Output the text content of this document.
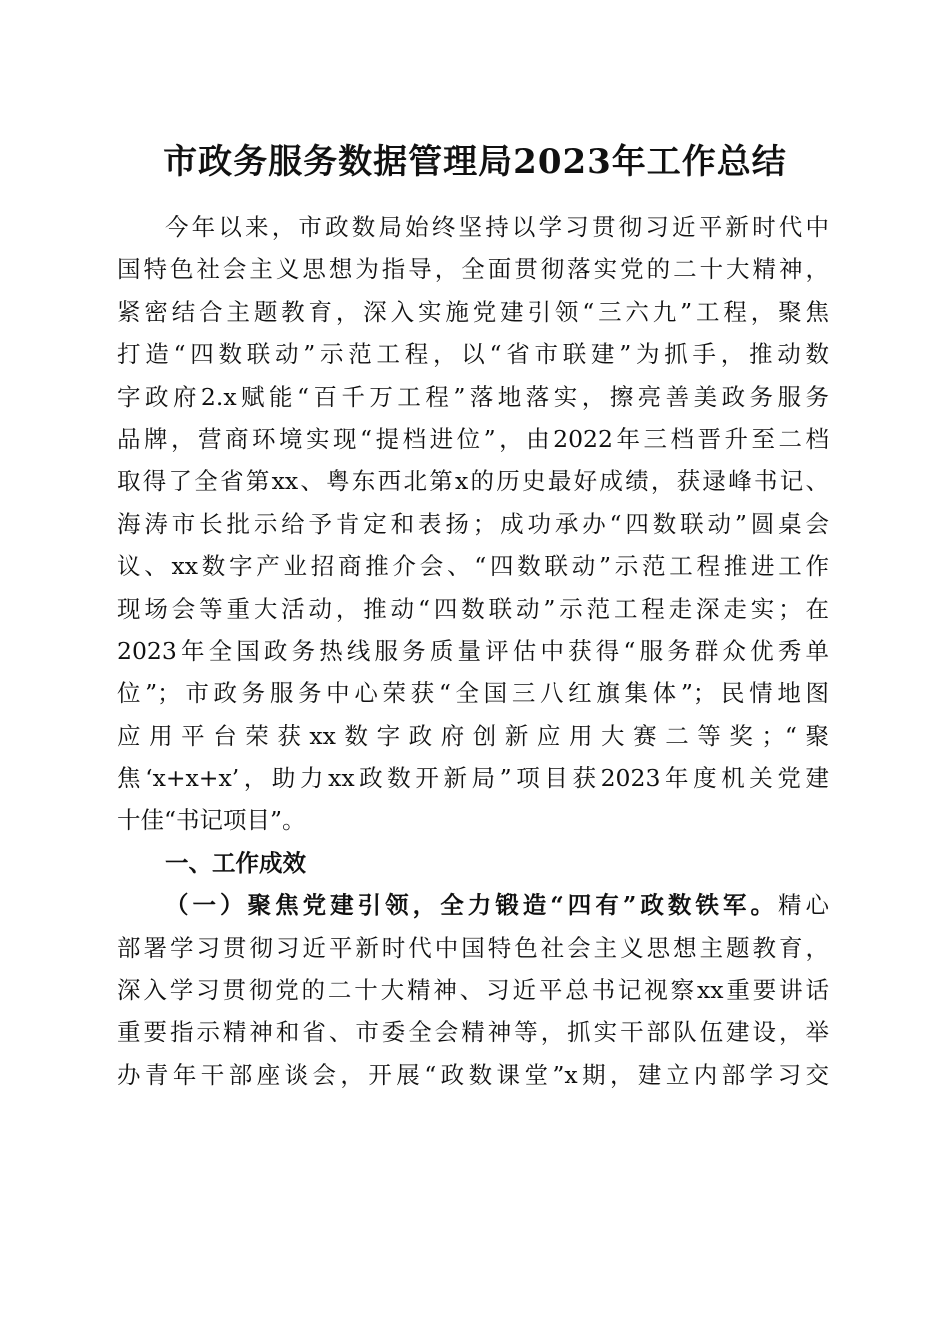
市政务服务数据管理局2023年工作总结
今年以来，市政数局始终坚持以学习贯彻习近平新时代中
国特色社会主义思想为指导，全面贯彻落实党的二十大精神，
紧密结合主题教育，深入实施党建引领“三六九”工程，聚焦
打造“四数联动”示范工程，以“省市联建”为抓手，推动数
字政府2.x赋能“百千万工程”落地落实，擦亮善美政务服务
品牌，营商环境实现“提档进位”，由2022年三档晋升至二档
取得了全省第xx、粤东西北第x的历史最好成绩，获逯峰书记、
海涛市长批示给予肯定和表扬；成功承办“四数联动”圆桌会
议、xx数字产业招商推介会、“四数联动”示范工程推进工作
现场会等重大活动，推动“四数联动”示范工程走深走实；在
2023年全国政务热线服务质量评估中获得“服务群众优秀单
位”；市政务服务中心荣获“全国三八红旗集体”；民情地图
应用平台荣获xx数字政府创新应用大赛二等奖；“聚
焦‘x+x+x’，助力xx政数开新局”项目获2023年度机关党建
十佳“书记项目”。
一、工作成效
（一）聚焦党建引领，全力锻造“四有”政数铁军。精心
部署学习贯彻习近平新时代中国特色社会主义思想主题教育，
深入学习贯彻党的二十大精神、习近平总书记视察xx重要讲话
重要指示精神和省、市委全会精神等，抓实干部队伍建设，举
办青年干部座谈会，开展“政数课堂”x期，建立内部学习交
